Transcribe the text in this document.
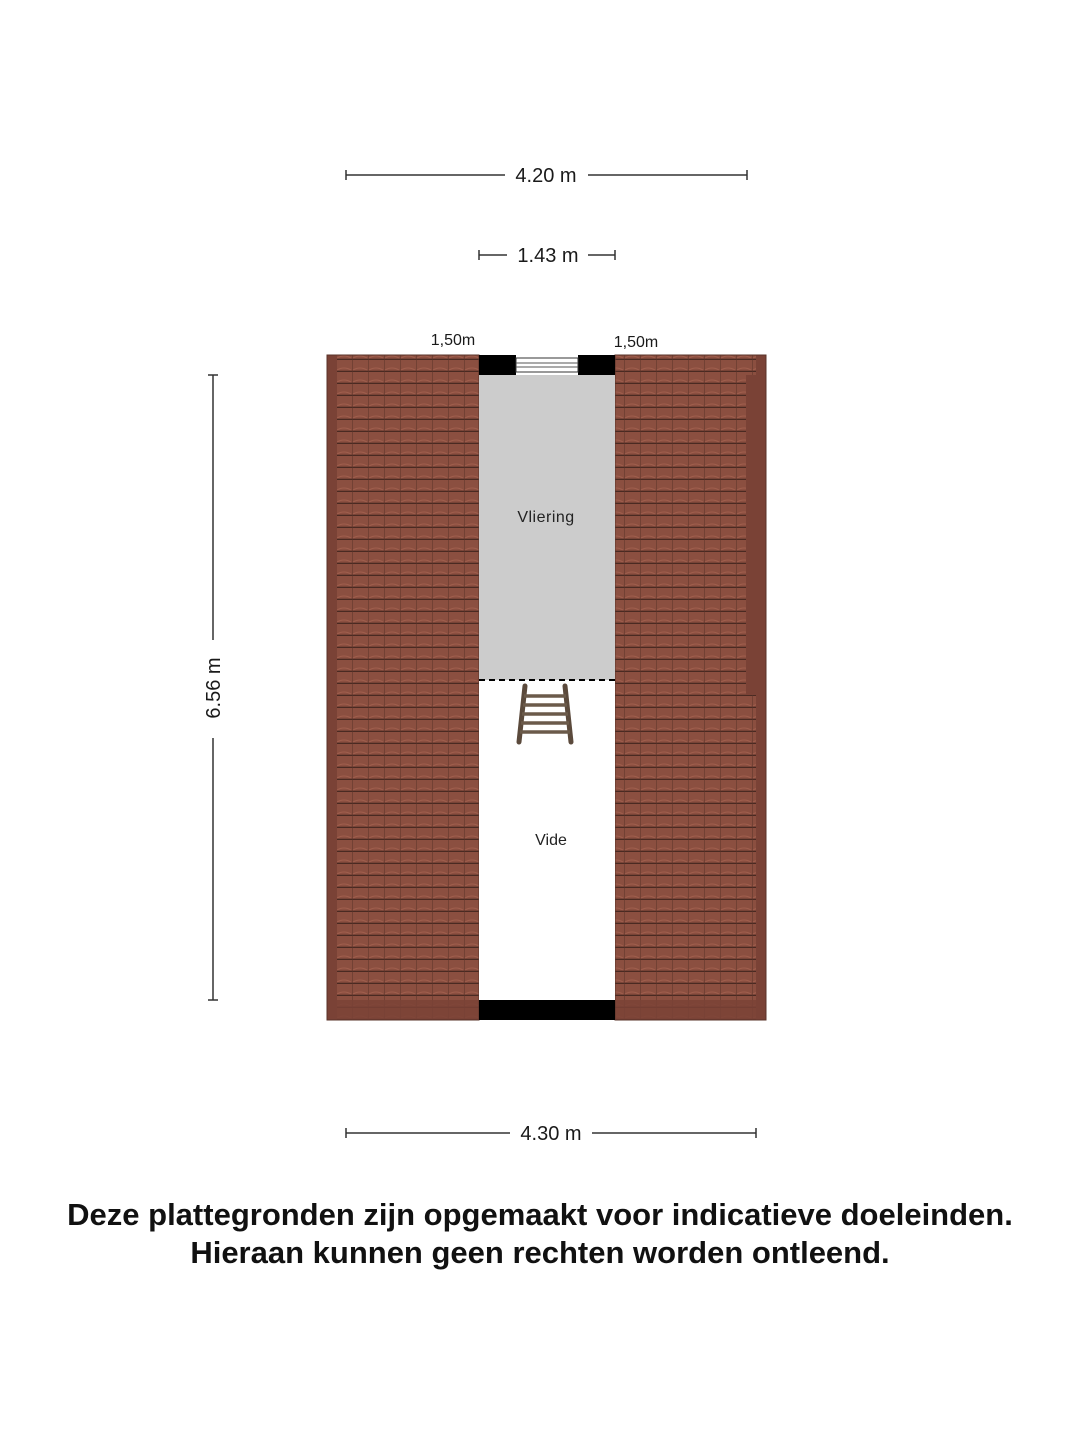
4.20 m
1.43 m
1,50m	1,50m
6.56 m
Vliering
Vide
4.30 m
Deze plattegronden zijn opgemaakt voor indicatieve doeleinden.
Hieraan kunnen geen rechten worden ontleend.
